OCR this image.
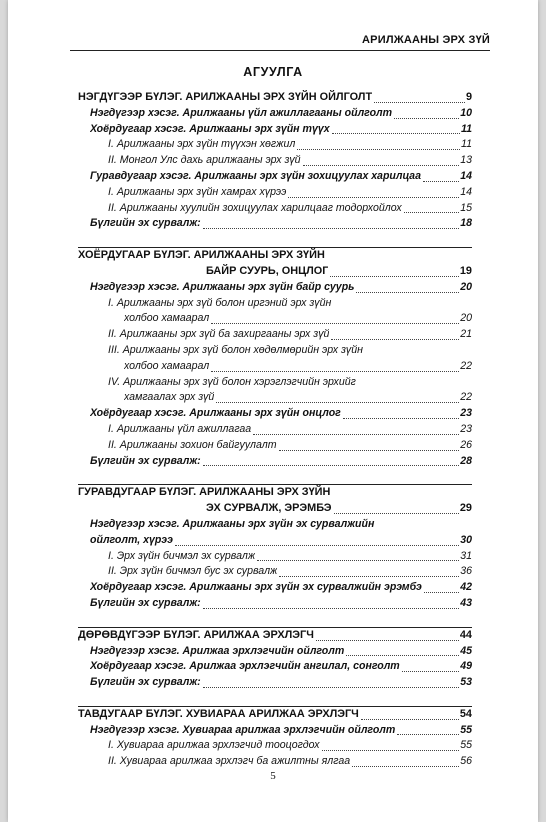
АРИЛЖААНЫ ЭРХ ЗҮЙ
АГУУЛГА
НЭГДҮГЭЭР БҮЛЭГ. АРИЛЖААНЫ ЭРХ ЗҮЙН ОЙЛГОЛТ	9
Нэгдүгээр хэсэг. Арилжааны үйл ажиллагааны ойлголт	10
Хоёрдугаар хэсэг. Арилжааны эрх зүйн түүх	11
I. Арилжааны эрх зүйн түүхэн хөгжил	11
II. Монгол Улс дахь арилжааны эрх зүй	13
Гуравдугаар хэсэг. Арилжааны эрх зүйн зохицуулах харилцаа	14
I. Арилжааны эрх зүйн хамрах хүрээ	14
II. Арилжааны хуулийн зохицуулах харилцааг тодорхойлох	15
Бүлгийн эх сурвалж:	18
ХОЁРДУГААР БҮЛЭГ. АРИЛЖААНЫ ЭРХ ЗҮЙН
БАЙР СУУРЬ, ОНЦЛОГ	19
Нэгдүгээр хэсэг. Арилжааны эрх зүйн байр суурь	20
I. Арилжааны эрх зүй болон иргэний эрх зүйн
холбоо хамаарал	20
II. Арилжааны эрх зүй ба захиргааны эрх зүй	21
III. Арилжааны эрх зүй болон хөдөлмөрийн эрх зүйн
холбоо хамаарал	22
IV. Арилжааны эрх зүй болон хэрэглэгчийн эрхийг
хамгаалах эрх зүй	22
Хоёрдугаар хэсэг. Арилжааны эрх зүйн онцлог	23
I. Арилжааны үйл ажиллагаа	23
II. Арилжааны зохион байгуулалт	26
Бүлгийн эх сурвалж:	28
ГУРАВДУГААР БҮЛЭГ. АРИЛЖААНЫ ЭРХ ЗҮЙН
ЭХ СУРВАЛЖ, ЭРЭМБЭ	29
Нэгдүгээр хэсэг. Арилжааны эрх зүйн эх сурвалжийн
ойлголт, хүрээ	30
I. Эрх зүйн бичмэл эх сурвалж	31
II. Эрх зүйн бичмэл бус эх сурвалж	36
Хоёрдугаар хэсэг. Арилжааны эрх зүйн эх сурвалжийн эрэмбэ	42
Бүлгийн эх сурвалж:	43
ДӨРӨВДҮГЭЭР БҮЛЭГ. АРИЛЖАА ЭРХЛЭГЧ	44
Нэгдүгээр хэсэг. Арилжаа эрхлэгчийн ойлголт	45
Хоёрдугаар хэсэг. Арилжаа эрхлэгчийн ангилал, сонголт	49
Бүлгийн эх сурвалж:	53
ТАВДУГААР БҮЛЭГ. ХУВИАРАА АРИЛЖАА ЭРХЛЭГЧ	54
Нэгдүгээр хэсэг. Хувиараа арилжаа эрхлэгчийн ойлголт	55
I. Хувиараа арилжаа эрхлэгчид тооцогдох	55
II. Хувиараа арилжаа эрхлэгч ба ажилтны ялгаа	56
5
